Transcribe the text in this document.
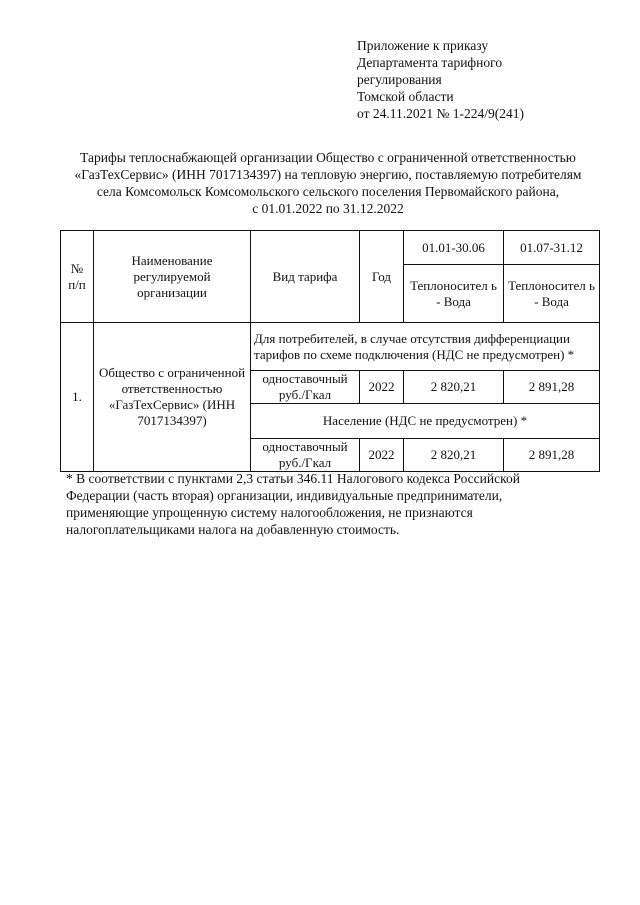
Приложение к приказу
Департамента тарифного
регулирования
Томской области
от 24.11.2021 № 1-224/9(241)
Тарифы теплоснабжающей организации Общество с ограниченной ответственностью
«ГазТехСервис» (ИНН 7017134397) на тепловую энергию, поставляемую потребителям
села Комсомольск Комсомольского сельского поселения Первомайского района,
с 01.01.2022 по 31.12.2022
№ п/п	Наименование регулируемой организации	Вид тарифа	Год	01.01-30.06	01.07-31.12
				Теплоносител ь - Вода	Теплоносител ь - Вода
1.	Общество с ограниченной ответственностью «ГазТехСервис» (ИНН 7017134397)	Для потребителей, в случае отсутствия дифференциации тарифов по схеме подключения (НДС не предусмотрен) *			
		одноставочный руб./Гкал	2022	2 820,21	2 891,28
		Население (НДС не предусмотрен) *			
		одноставочный руб./Гкал	2022	2 820,21	2 891,28
* В соответствии с пунктами 2,3 статьи 346.11 Налогового кодекса Российской
Федерации (часть вторая) организации, индивидуальные предприниматели,
применяющие упрощенную систему налогообложения, не признаются
налогоплательщиками налога на добавленную стоимость.
